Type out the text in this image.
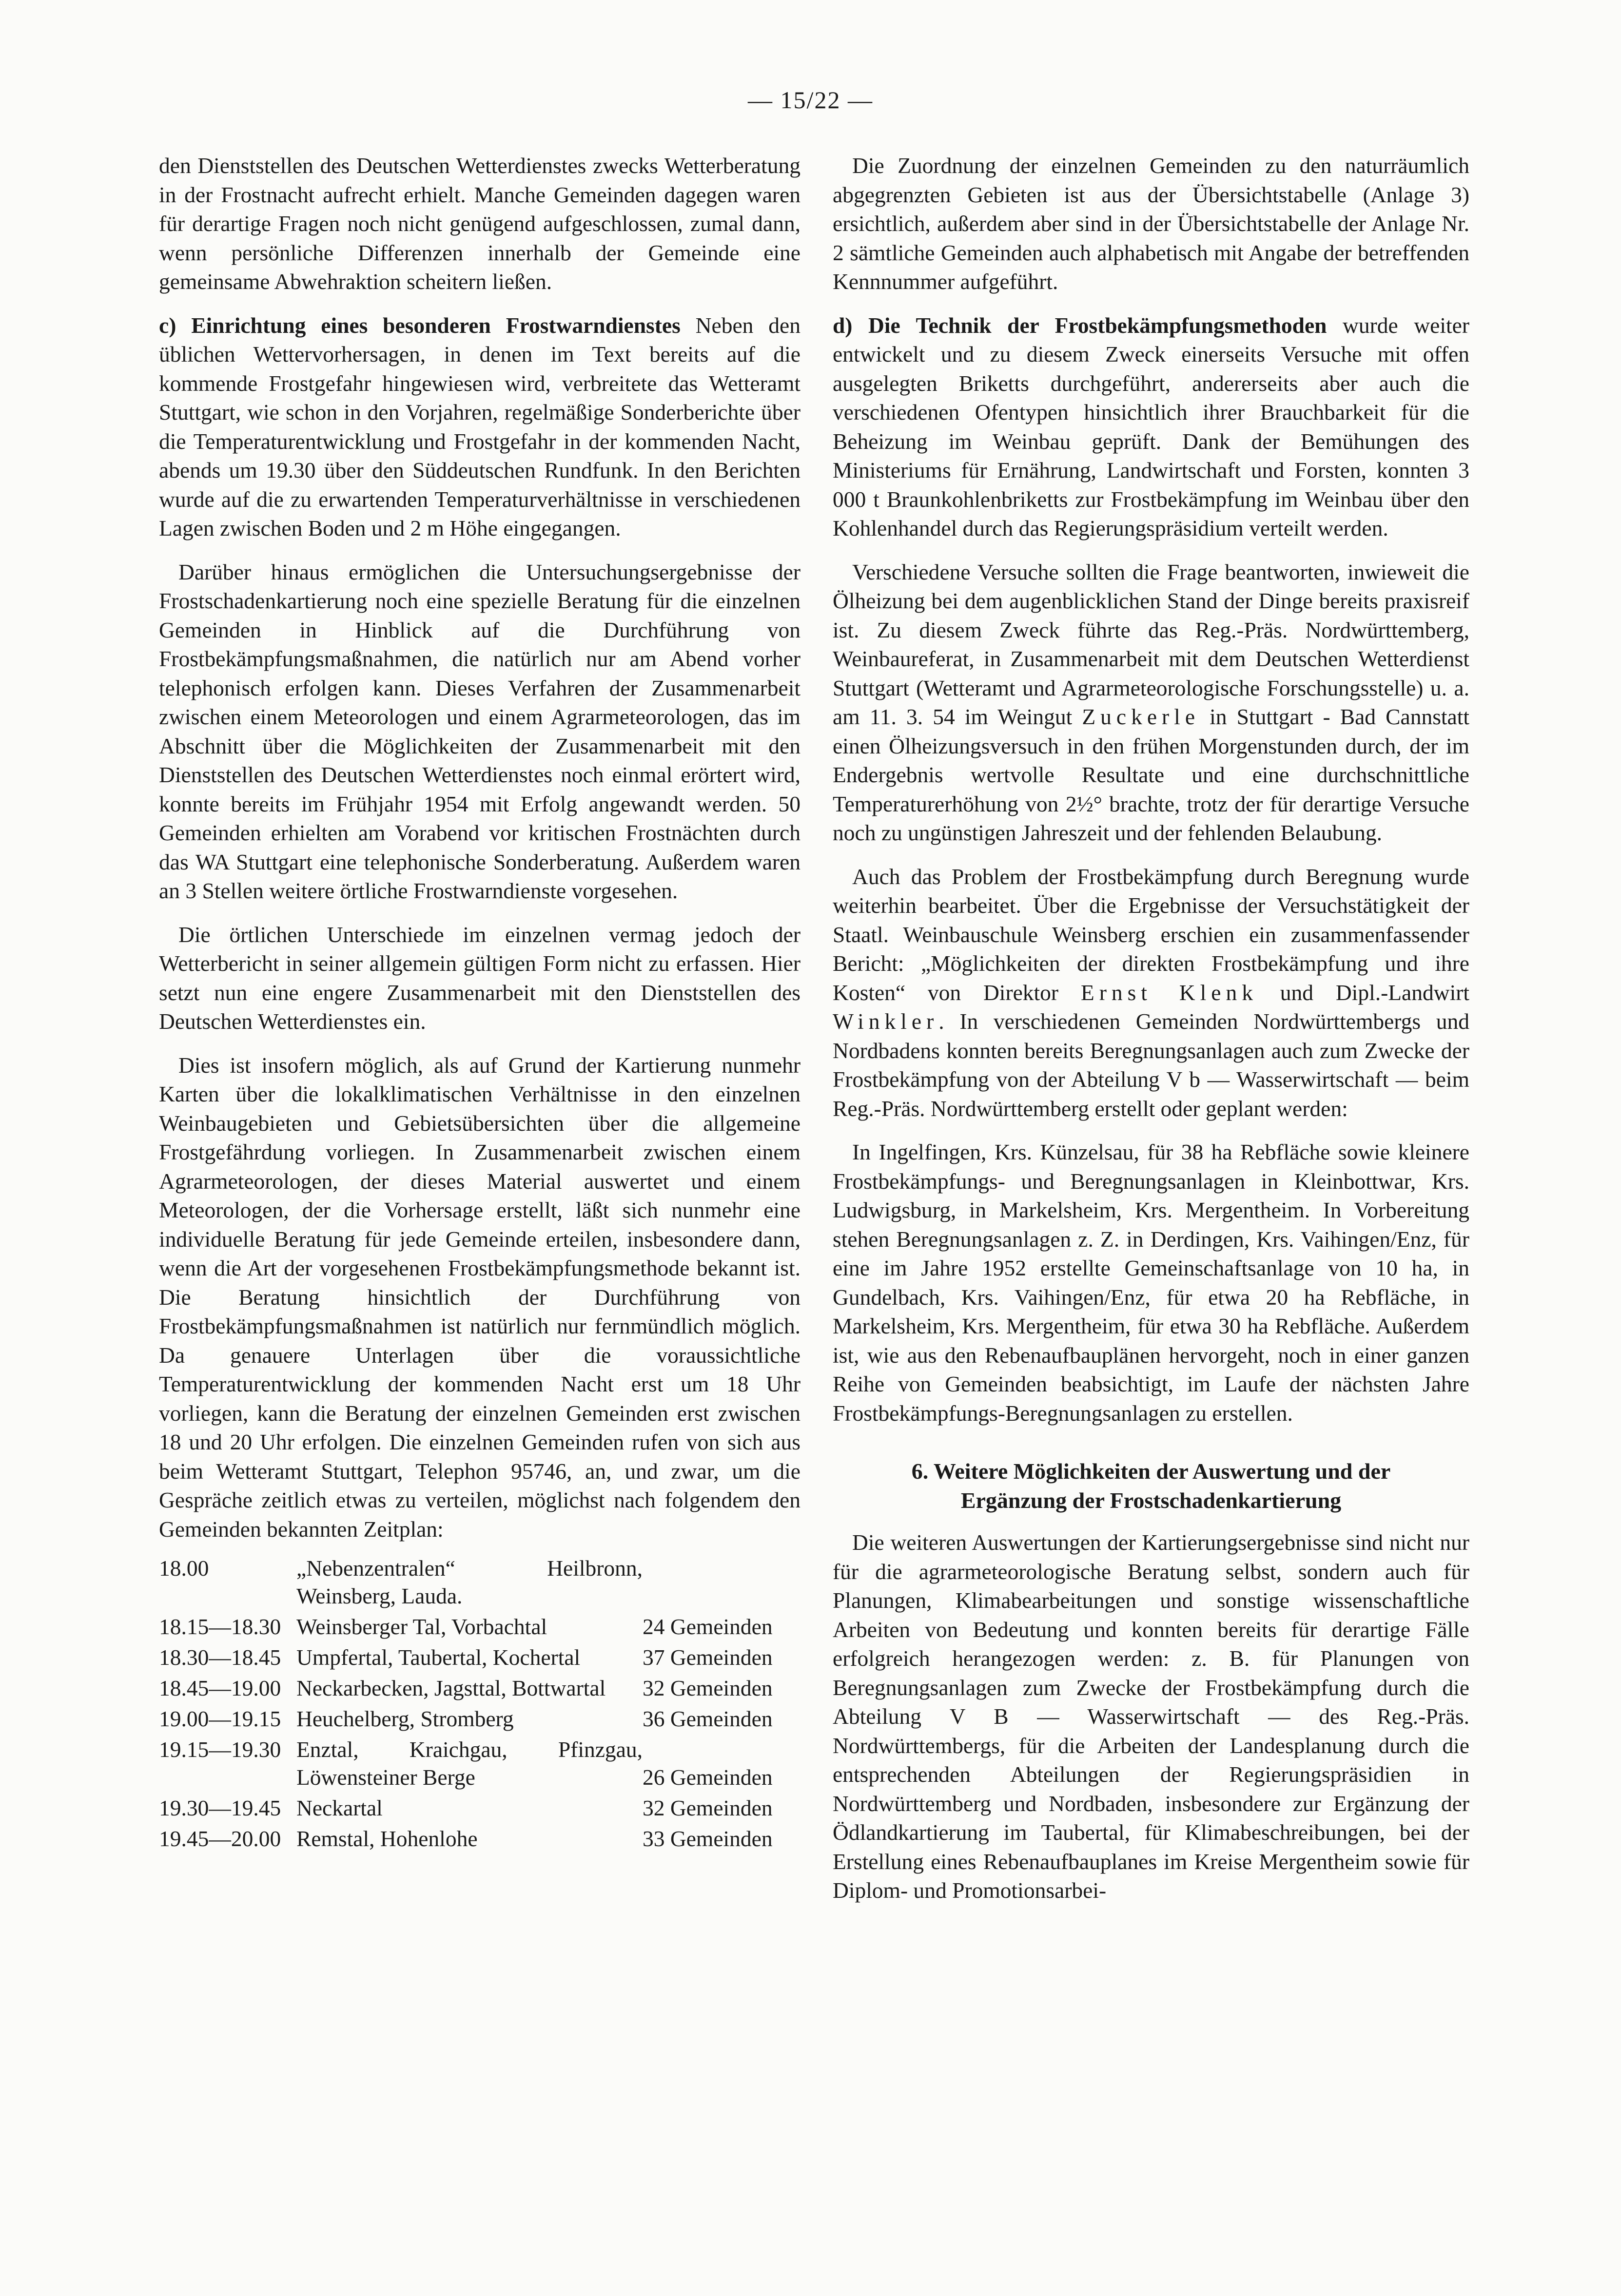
— 15/22 —

den Dienststellen des Deutschen Wetterdienstes zwecks Wetterberatung in der Frostnacht aufrecht erhielt. Manche Gemeinden dagegen waren für derartige Fragen noch nicht genügend aufgeschlossen, zumal dann, wenn persönliche Differenzen innerhalb der Gemeinde eine gemeinsame Abwehraktion scheitern ließen.

c) Einrichtung eines besonderen Frostwarndienstes Neben den üblichen Wettervorhersagen, in denen im Text bereits auf die kommende Frostgefahr hingewiesen wird, verbreitete das Wetteramt Stuttgart, wie schon in den Vorjahren, regelmäßige Sonderberichte über die Temperaturentwicklung und Frostgefahr in der kommenden Nacht, abends um 19.30 über den Süddeutschen Rundfunk. In den Berichten wurde auf die zu erwartenden Temperaturverhältnisse in verschiedenen Lagen zwischen Boden und 2 m Höhe eingegangen.

Darüber hinaus ermöglichen die Untersuchungsergebnisse der Frostschadenkartierung noch eine spezielle Beratung für die einzelnen Gemeinden in Hinblick auf die Durchführung von Frostbekämpfungsmaßnahmen, die natürlich nur am Abend vorher telephonisch erfolgen kann. Dieses Verfahren der Zusammenarbeit zwischen einem Meteorologen und einem Agrarmeteorologen, das im Abschnitt über die Möglichkeiten der Zusammenarbeit mit den Dienststellen des Deutschen Wetterdienstes noch einmal erörtert wird, konnte bereits im Frühjahr 1954 mit Erfolg angewandt werden. 50 Gemeinden erhielten am Vorabend vor kritischen Frostnächten durch das WA Stuttgart eine telephonische Sonderberatung. Außerdem waren an 3 Stellen weitere örtliche Frostwarndienste vorgesehen.

Die örtlichen Unterschiede im einzelnen vermag jedoch der Wetterbericht in seiner allgemein gültigen Form nicht zu erfassen. Hier setzt nun eine engere Zusammenarbeit mit den Dienststellen des Deutschen Wetterdienstes ein.

Dies ist insofern möglich, als auf Grund der Kartierung nunmehr Karten über die lokalklimatischen Verhältnisse in den einzelnen Weinbaugebieten und Gebietsübersichten über die allgemeine Frostgefährdung vorliegen. In Zusammenarbeit zwischen einem Agrarmeteorologen, der dieses Material auswertet und einem Meteorologen, der die Vorhersage erstellt, läßt sich nunmehr eine individuelle Beratung für jede Gemeinde erteilen, insbesondere dann, wenn die Art der vorgesehenen Frostbekämpfungsmethode bekannt ist. Die Beratung hinsichtlich der Durchführung von Frostbekämpfungsmaßnahmen ist natürlich nur fernmündlich möglich. Da genauere Unterlagen über die voraussichtliche Temperaturentwicklung der kommenden Nacht erst um 18 Uhr vorliegen, kann die Beratung der einzelnen Gemeinden erst zwischen 18 und 20 Uhr erfolgen. Die einzelnen Gemeinden rufen von sich aus beim Wetteramt Stuttgart, Telephon 95746, an, und zwar, um die Gespräche zeitlich etwas zu verteilen, möglichst nach folgendem den Gemeinden bekannten Zeitplan:

18.00	„Nebenzentralen“ Heilbronn, Weinsberg, Lauda.	
18.15—18.30	Weinsberger Tal, Vorbachtal	24 Gemeinden
18.30—18.45	Umpfertal, Taubertal, Kochertal	37 Gemeinden
18.45—19.00	Neckarbecken, Jagsttal, Bottwartal	32 Gemeinden
19.00—19.15	Heuchelberg, Stromberg	36 Gemeinden
19.15—19.30	Enztal, Kraichgau, Pfinzgau, Löwensteiner Berge	26 Gemeinden
19.30—19.45	Neckartal	32 Gemeinden
19.45—20.00	Remstal, Hohenlohe	33 Gemeinden

Die Zuordnung der einzelnen Gemeinden zu den naturräumlich abgegrenzten Gebieten ist aus der Übersichtstabelle (Anlage 3) ersichtlich, außerdem aber sind in der Übersichtstabelle der Anlage Nr. 2 sämtliche Gemeinden auch alphabetisch mit Angabe der betreffenden Kennnummer aufgeführt.

d) Die Technik der Frostbekämpfungsmethoden wurde weiter entwickelt und zu diesem Zweck einerseits Versuche mit offen ausgelegten Briketts durchgeführt, andererseits aber auch die verschiedenen Ofentypen hinsichtlich ihrer Brauchbarkeit für die Beheizung im Weinbau geprüft. Dank der Bemühungen des Ministeriums für Ernährung, Landwirtschaft und Forsten, konnten 3 000 t Braunkohlenbriketts zur Frostbekämpfung im Weinbau über den Kohlenhandel durch das Regierungspräsidium verteilt werden.

Verschiedene Versuche sollten die Frage beantworten, inwieweit die Ölheizung bei dem augenblicklichen Stand der Dinge bereits praxisreif ist. Zu diesem Zweck führte das Reg.-Präs. Nordwürttemberg, Weinbaureferat, in Zusammenarbeit mit dem Deutschen Wetterdienst Stuttgart (Wetteramt und Agrarmeteorologische Forschungsstelle) u. a. am 11. 3. 54 im Weingut Zuckerle in Stuttgart - Bad Cannstatt einen Ölheizungsversuch in den frühen Morgenstunden durch, der im Endergebnis wertvolle Resultate und eine durchschnittliche Temperaturerhöhung von 2½° brachte, trotz der für derartige Versuche noch zu ungünstigen Jahreszeit und der fehlenden Belaubung.

Auch das Problem der Frostbekämpfung durch Beregnung wurde weiterhin bearbeitet. Über die Ergebnisse der Versuchstätigkeit der Staatl. Weinbauschule Weinsberg erschien ein zusammenfassender Bericht: „Möglichkeiten der direkten Frostbekämpfung und ihre Kosten“ von Direktor Ernst Klenk und Dipl.-Landwirt Winkler. In verschiedenen Gemeinden Nordwürttembergs und Nordbadens konnten bereits Beregnungsanlagen auch zum Zwecke der Frostbekämpfung von der Abteilung V b — Wasserwirtschaft — beim Reg.-Präs. Nordwürttemberg erstellt oder geplant werden:

In Ingelfingen, Krs. Künzelsau, für 38 ha Rebfläche sowie kleinere Frostbekämpfungs- und Beregnungsanlagen in Kleinbottwar, Krs. Ludwigsburg, in Markelsheim, Krs. Mergentheim. In Vorbereitung stehen Beregnungsanlagen z. Z. in Derdingen, Krs. Vaihingen/Enz, für eine im Jahre 1952 erstellte Gemeinschaftsanlage von 10 ha, in Gundelbach, Krs. Vaihingen/Enz, für etwa 20 ha Rebfläche, in Markelsheim, Krs. Mergentheim, für etwa 30 ha Rebfläche. Außerdem ist, wie aus den Rebenaufbauplänen hervorgeht, noch in einer ganzen Reihe von Gemeinden beabsichtigt, im Laufe der nächsten Jahre Frostbekämpfungs-Beregnungsanlagen zu erstellen.

6. Weitere Möglichkeiten der Auswertung und der
Ergänzung der Frostschadenkartierung

Die weiteren Auswertungen der Kartierungsergebnisse sind nicht nur für die agrarmeteorologische Beratung selbst, sondern auch für Planungen, Klimabearbeitungen und sonstige wissenschaftliche Arbeiten von Bedeutung und konnten bereits für derartige Fälle erfolgreich herangezogen werden: z. B. für Planungen von Beregnungsanlagen zum Zwecke der Frostbekämpfung durch die Abteilung V B — Wasserwirtschaft — des Reg.-Präs. Nordwürttembergs, für die Arbeiten der Landesplanung durch die entsprechenden Abteilungen der Regierungspräsidien in Nordwürttemberg und Nordbaden, insbesondere zur Ergänzung der Ödlandkartierung im Taubertal, für Klimabeschreibungen, bei der Erstellung eines Rebenaufbauplanes im Kreise Mergentheim sowie für Diplom- und Promotionsarbei-
